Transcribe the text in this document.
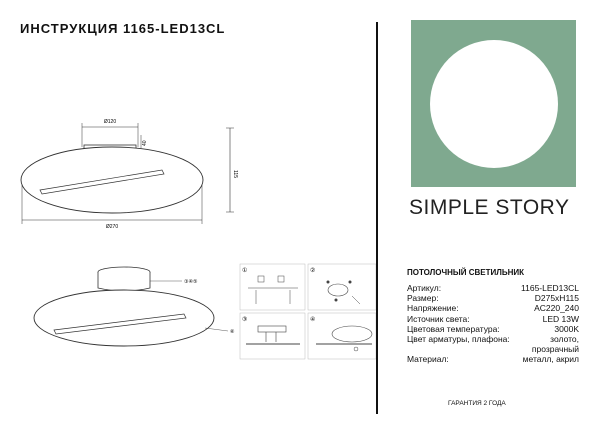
ИНСТРУКЦИЯ 1165-LED13CL
Ø120
40
115
Ø270
③④⑤
⑥
①	②
③	④
SIMPLE STORY
ПОТОЛОЧНЫЙ СВЕТИЛЬНИК
Артикул:	1165-LED13CL
Размер:	D275xH115
Напряжение:	AC220_240
Источник света:	LED 13W
Цветовая температура:	3000K
Цвет арматуры, плафона:	золото,
прозрачный
Материал:	металл, акрил
ГАРАНТИЯ 2 ГОДА
